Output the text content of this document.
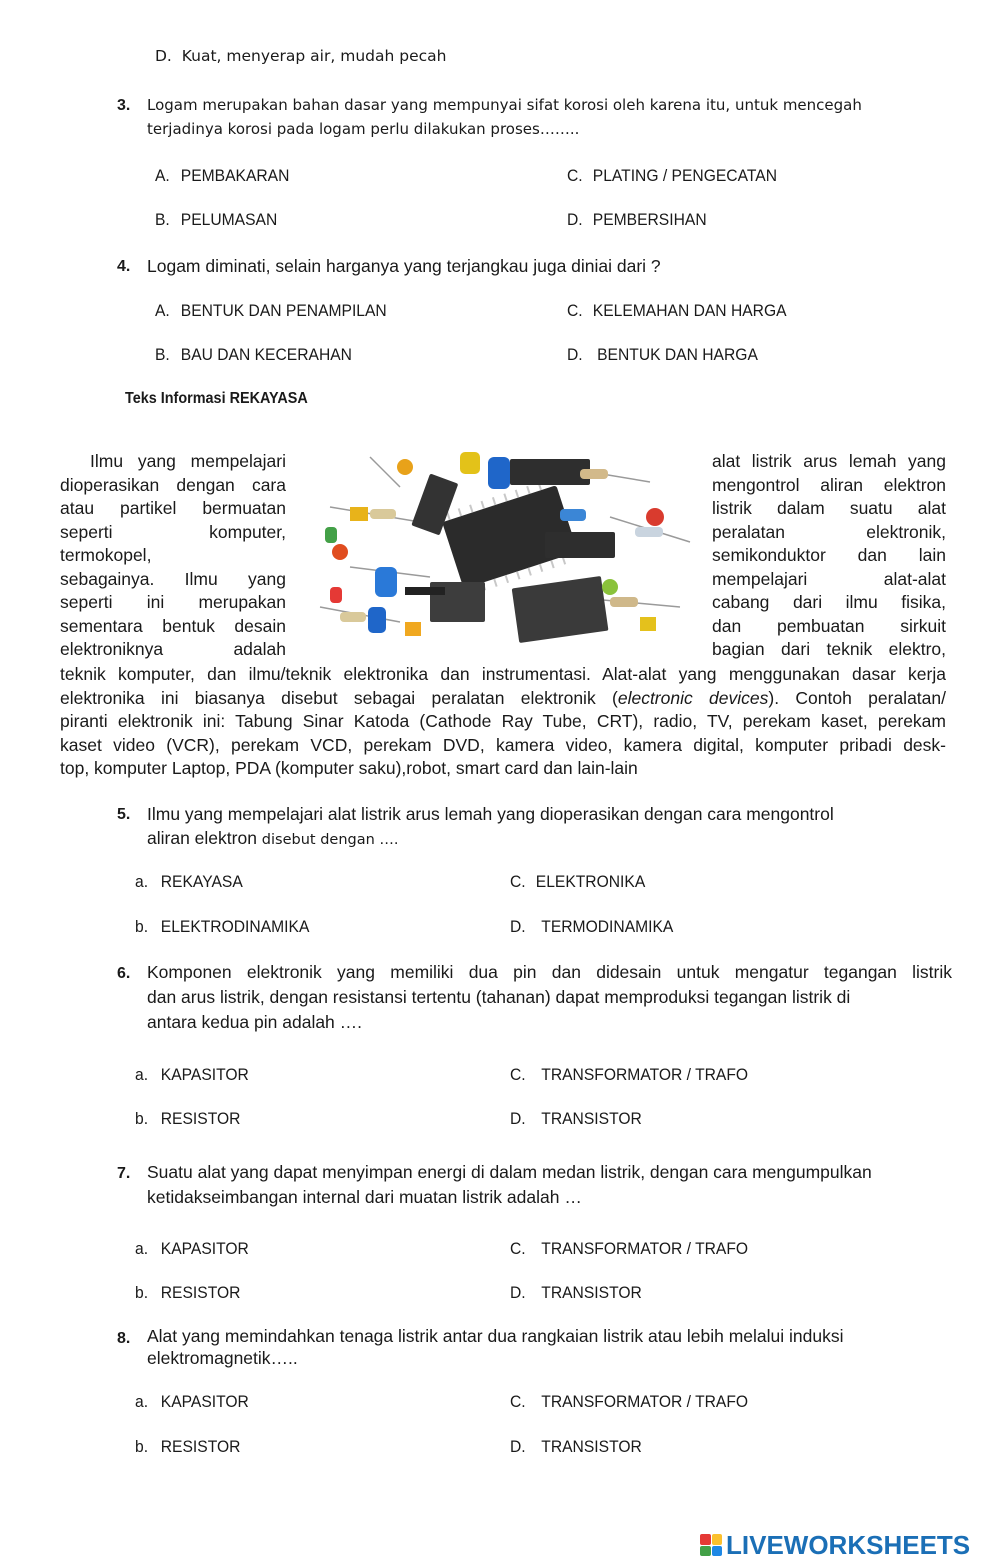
D. Kuat, menyerap air, mudah pecah
3. Logam merupakan bahan dasar yang mempunyai sifat korosi oleh karena itu, untuk mencegah
terjadinya korosi pada logam perlu dilakukan proses……..
A. PEMBAKARAN	C. PLATING / PENGECATAN
B. PELUMASAN	D. PEMBERSIHAN
4. Logam diminati, selain harganya yang terjangkau juga diniai dari ?
A. BENTUK DAN PENAMPILAN	C. KELEMAHAN DAN HARGA
B. BAU DAN KECERAHAN	D. BENTUK DAN HARGA
Teks Informasi REKAYASA
Ilmu yang mempelajari
dioperasikan dengan cara
atau partikel bermuatan
seperti komputer,
termokopel,
sebagainya. Ilmu yang
seperti ini merupakan
sementara bentuk desain
elektroniknya adalah
alat listrik arus lemah yang
mengontrol aliran elektron
listrik dalam suatu alat
peralatan elektronik,
semikonduktor dan lain
mempelajari alat-alat
cabang dari ilmu fisika,
dan pembuatan sirkuit
bagian dari teknik elektro,
teknik komputer, dan ilmu/teknik elektronika dan instrumentasi. Alat-alat yang menggunakan dasar kerja
elektronika ini biasanya disebut sebagai peralatan elektronik (electronic devices). Contoh peralatan/
piranti elektronik ini: Tabung Sinar Katoda (Cathode Ray Tube, CRT), radio, TV, perekam kaset, perekam
kaset video (VCR), perekam VCD, perekam DVD, kamera video, kamera digital, komputer pribadi desk-
top, komputer Laptop, PDA (komputer saku),robot, smart card dan lain-lain
5. Ilmu yang mempelajari alat listrik arus lemah yang dioperasikan dengan cara mengontrol
aliran elektron disebut dengan ….
a. REKAYASA	C. ELEKTRONIKA
b. ELEKTRODINAMIKA	D. TERMODINAMIKA
6. Komponen elektronik yang memiliki dua pin dan didesain untuk mengatur tegangan listrik
dan arus listrik, dengan resistansi tertentu (tahanan) dapat memproduksi tegangan listrik di
antara kedua pin adalah ….
a. KAPASITOR	C. TRANSFORMATOR / TRAFO
b. RESISTOR	D. TRANSISTOR
7. Suatu alat yang dapat menyimpan energi di dalam medan listrik, dengan cara mengumpulkan
ketidakseimbangan internal dari muatan listrik adalah …
a. KAPASITOR	C. TRANSFORMATOR / TRAFO
b. RESISTOR	D. TRANSISTOR
8. Alat yang memindahkan tenaga listrik antar dua rangkaian listrik atau lebih melalui induksi
elektromagnetik…..
a. KAPASITOR	C. TRANSFORMATOR / TRAFO
b. RESISTOR	D. TRANSISTOR
LIVEWORKSHEETS
